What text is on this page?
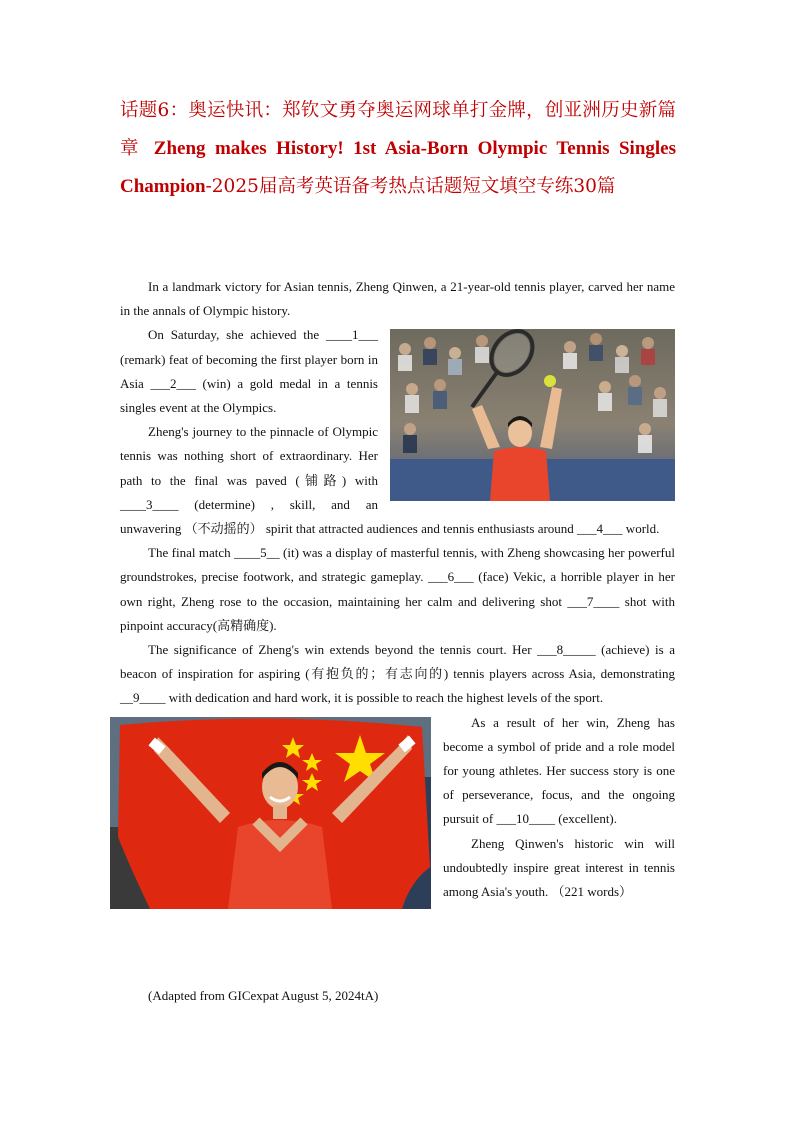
话题6：奥运快讯：郑钦文勇夺奥运网球单打金牌，创亚洲历史新篇章 Zheng makes History! 1st Asia-Born Olympic Tennis Singles Champion-2025届高考英语备考热点话题短文填空专练30篇

In a landmark victory for Asian tennis, Zheng Qinwen, a 21-year-old tennis player, carved her name in the annals of Olympic history.

On Saturday, she achieved the ____1___ (remark) feat of becoming the first player born in Asia ___2___ (win) a gold medal in a tennis singles event at the Olympics.

Zheng's journey to the pinnacle of Olympic tennis was nothing short of extraordinary. Her path to the final was paved (铺路) with ____3____ (determine) , skill, and an unwavering （不动摇的） spirit that attracted audiences and tennis enthusiasts around ___4___ world.

The final match ____5__ (it) was a display of masterful tennis, with Zheng showcasing her powerful groundstrokes, precise footwork, and strategic gameplay. ___6___ (face) Vekic, a horrible player in her own right, Zheng rose to the occasion, maintaining her calm and delivering shot ___7____ shot with pinpoint accuracy(高精确度).

The significance of Zheng's win extends beyond the tennis court. Her ___8_____ (achieve) is a beacon of inspiration for aspiring (有抱负的；有志向的) tennis players across Asia, demonstrating __9____ with dedication and hard work, it is possible to reach the highest levels of the sport.

As a result of her win, Zheng has become a symbol of pride and a role model for young athletes. Her success story is one of perseverance, focus, and the ongoing pursuit of ___10____ (excellent).

Zheng Qinwen's historic win will undoubtedly inspire great interest in tennis among Asia's youth. （221 words）

(Adapted from GICexpat August 5, 2024tA)
